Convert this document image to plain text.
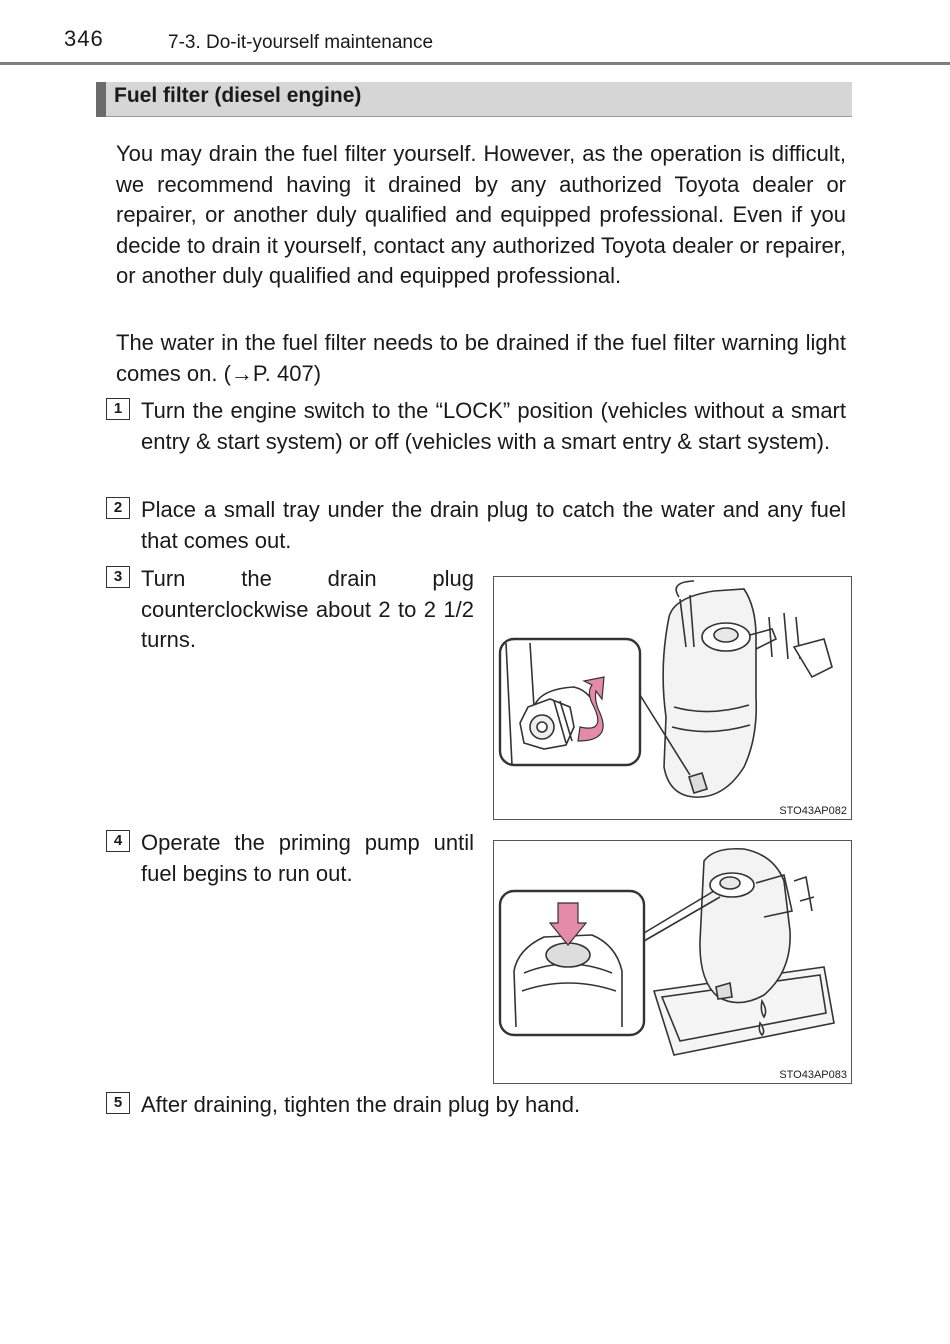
346	7-3. Do-it-yourself maintenance
Fuel filter (diesel engine)

You may drain the fuel filter yourself. However, as the operation is difficult, we recommend having it drained by any authorized Toyota dealer or repairer, or another duly qualified and equipped professional. Even if you decide to drain it yourself, contact any authorized Toyota dealer or repairer, or another duly qualified and equipped professional.

The water in the fuel filter needs to be drained if the fuel filter warning light comes on. (→P. 407)

1 Turn the engine switch to the “LOCK” position (vehicles without a smart entry & start system) or off (vehicles with a smart entry & start system).

2 Place a small tray under the drain plug to catch the water and any fuel that comes out.

3 Turn the drain plug counterclockwise about 2 to 2 1/2 turns.

STO43AP082
4 Operate the priming pump until fuel begins to run out.

STO43AP083
5 After draining, tighten the drain plug by hand.
